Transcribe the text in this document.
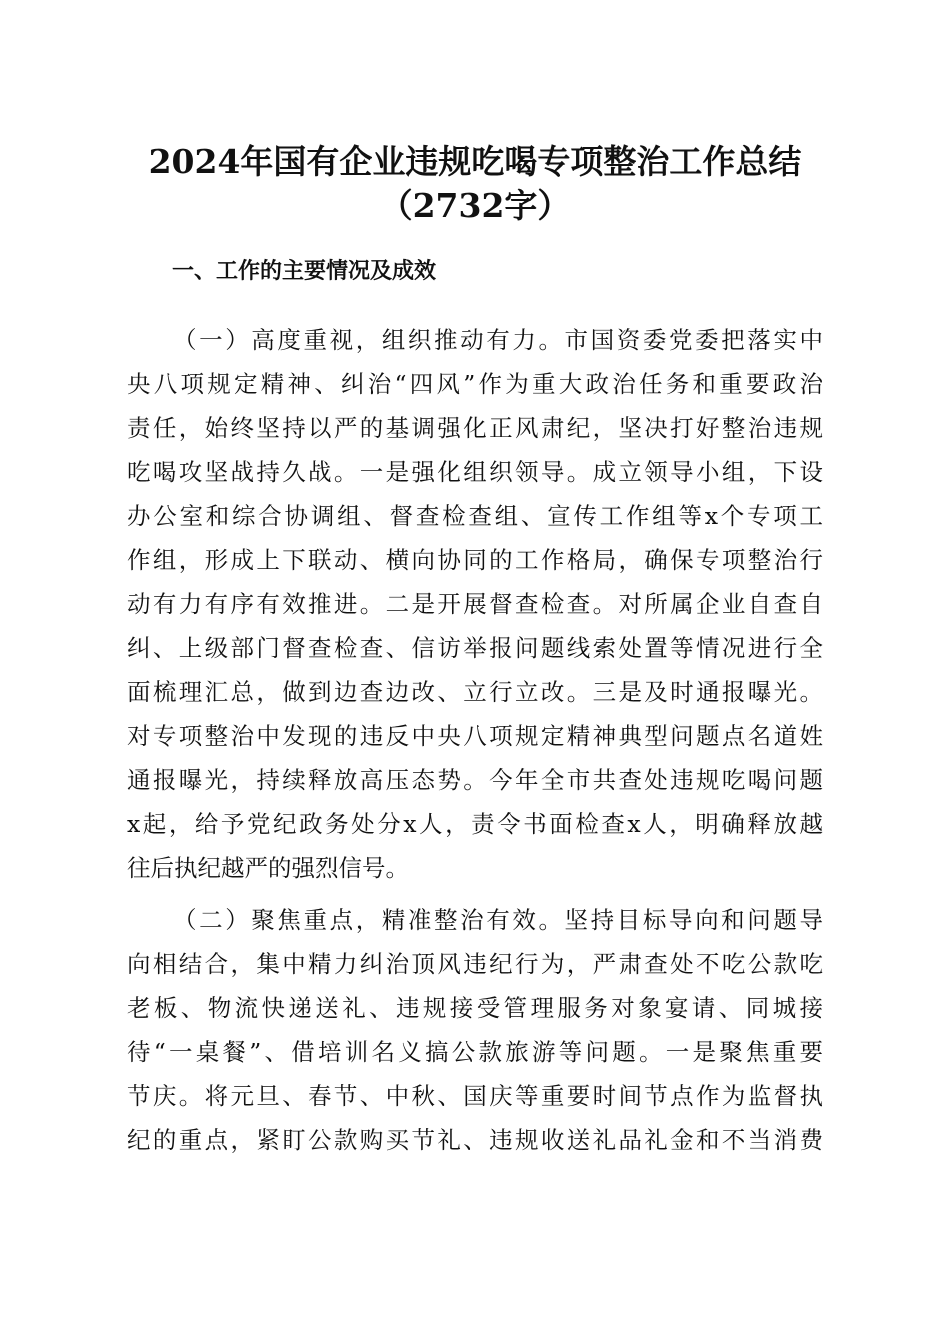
2024年国有企业违规吃喝专项整治工作总结
（2732字）
一、工作的主要情况及成效
（一）高度重视，组织推动有力。市国资委党委把落实中
央八项规定精神、纠治“四风”作为重大政治任务和重要政治
责任，始终坚持以严的基调强化正风肃纪，坚决打好整治违规
吃喝攻坚战持久战。一是强化组织领导。成立领导小组，下设
办公室和综合协调组、督查检查组、宣传工作组等x个专项工
作组，形成上下联动、横向协同的工作格局，确保专项整治行
动有力有序有效推进。二是开展督查检查。对所属企业自查自
纠、上级部门督查检查、信访举报问题线索处置等情况进行全
面梳理汇总，做到边查边改、立行立改。三是及时通报曝光。
对专项整治中发现的违反中央八项规定精神典型问题点名道姓
通报曝光，持续释放高压态势。今年全市共查处违规吃喝问题
x起，给予党纪政务处分x人，责令书面检查x人，明确释放越
往后执纪越严的强烈信号。
（二）聚焦重点，精准整治有效。坚持目标导向和问题导
向相结合，集中精力纠治顶风违纪行为，严肃查处不吃公款吃
老板、物流快递送礼、违规接受管理服务对象宴请、同城接
待“一桌餐”、借培训名义搞公款旅游等问题。一是聚焦重要
节庆。将元旦、春节、中秋、国庆等重要时间节点作为监督执
纪的重点，紧盯公款购买节礼、违规收送礼品礼金和不当消费
